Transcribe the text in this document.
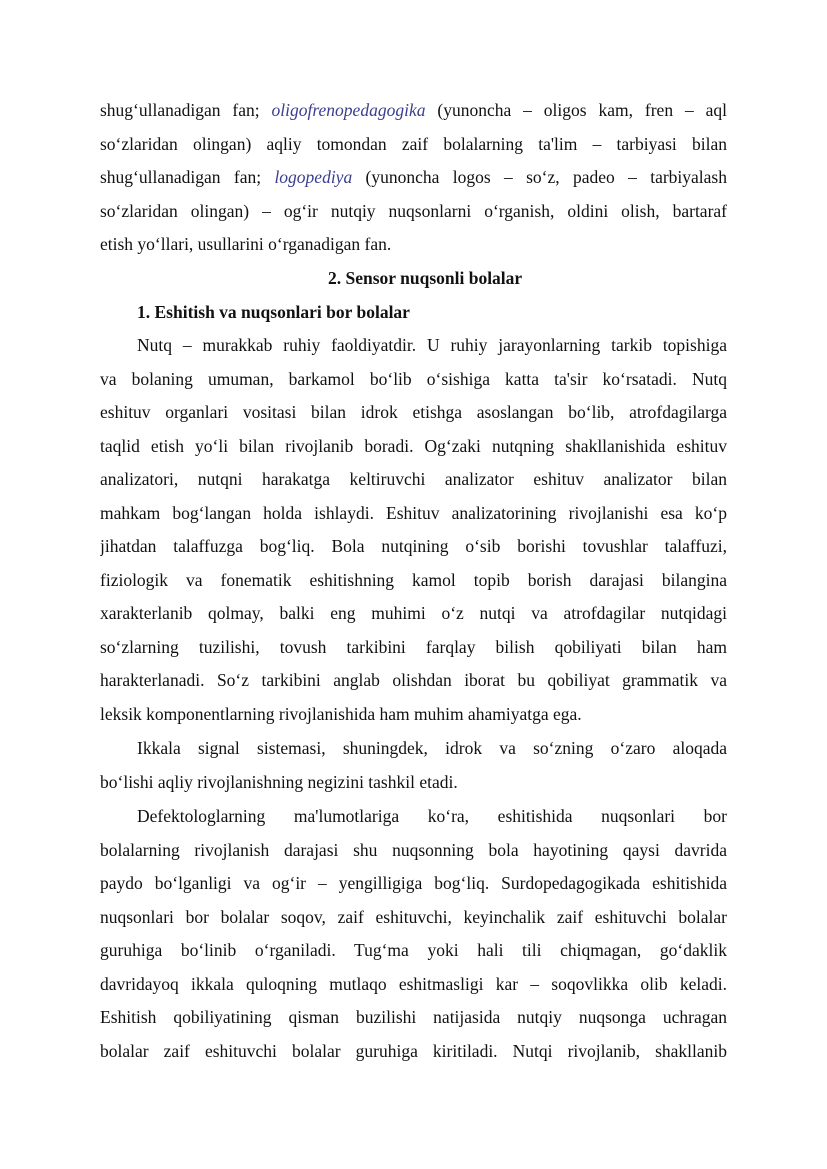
shug‘ullanadigan fan; oligofrenopedagogika (yunoncha – oligos kam, fren – aql
so‘zlaridan olingan) aqliy tomondan zaif bolalarning ta'lim – tarbiyasi bilan
shug‘ullanadigan fan; logopediya (yunoncha logos – so‘z, padeo – tarbiyalash
so‘zlaridan olingan) – og‘ir nutqiy nuqsonlarni o‘rganish, oldini olish, bartaraf
etish yo‘llari, usullarini o‘rganadigan fan.
2. Sensor nuqsonli bolalar
1. Eshitish va nuqsonlari bor bolalar
Nutq – murakkab ruhiy faoldiyatdir. U ruhiy jarayonlarning tarkib topishiga
va bolaning umuman, barkamol bo‘lib o‘sishiga katta ta'sir ko‘rsatadi. Nutq
eshituv organlari vositasi bilan idrok etishga asoslangan bo‘lib, atrofdagilarga
taqlid etish yo‘li bilan rivojlanib boradi. Og‘zaki nutqning shakllanishida eshituv
analizatori, nutqni harakatga keltiruvchi analizator eshituv analizator bilan
mahkam bog‘langan holda ishlaydi. Eshituv analizatorining rivojlanishi esa ko‘p
jihatdan talaffuzga bog‘liq. Bola nutqining o‘sib borishi tovushlar talaffuzi,
fiziologik va fonematik eshitishning kamol topib borish darajasi bilangina
xarakterlanib qolmay, balki eng muhimi o‘z nutqi va atrofdagilar nutqidagi
so‘zlarning tuzilishi, tovush tarkibini farqlay bilish qobiliyati bilan ham
harakterlanadi. So‘z tarkibini anglab olishdan iborat bu qobiliyat grammatik va
leksik komponentlarning rivojlanishida ham muhim ahamiyatga ega.
Ikkala signal sistemasi, shuningdek, idrok va so‘zning o‘zaro aloqada
bo‘lishi aqliy rivojlanishning negizini tashkil etadi.
Defektologlarning ma'lumotlariga ko‘ra, eshitishida nuqsonlari bor
bolalarning rivojlanish darajasi shu nuqsonning bola hayotining qaysi davrida
paydo bo‘lganligi va og‘ir – yengilligiga bog‘liq. Surdopedagogikada eshitishida
nuqsonlari bor bolalar soqov, zaif eshituvchi, keyinchalik zaif eshituvchi bolalar
guruhiga bo‘linib o‘rganiladi. Tug‘ma yoki hali tili chiqmagan, go‘daklik
davridayoq ikkala quloqning mutlaqo eshitmasligi kar – soqovlikka olib keladi.
Eshitish qobiliyatining qisman buzilishi natijasida nutqiy nuqsonga uchragan
bolalar zaif eshituvchi bolalar guruhiga kiritiladi. Nutqi rivojlanib, shakllanib
